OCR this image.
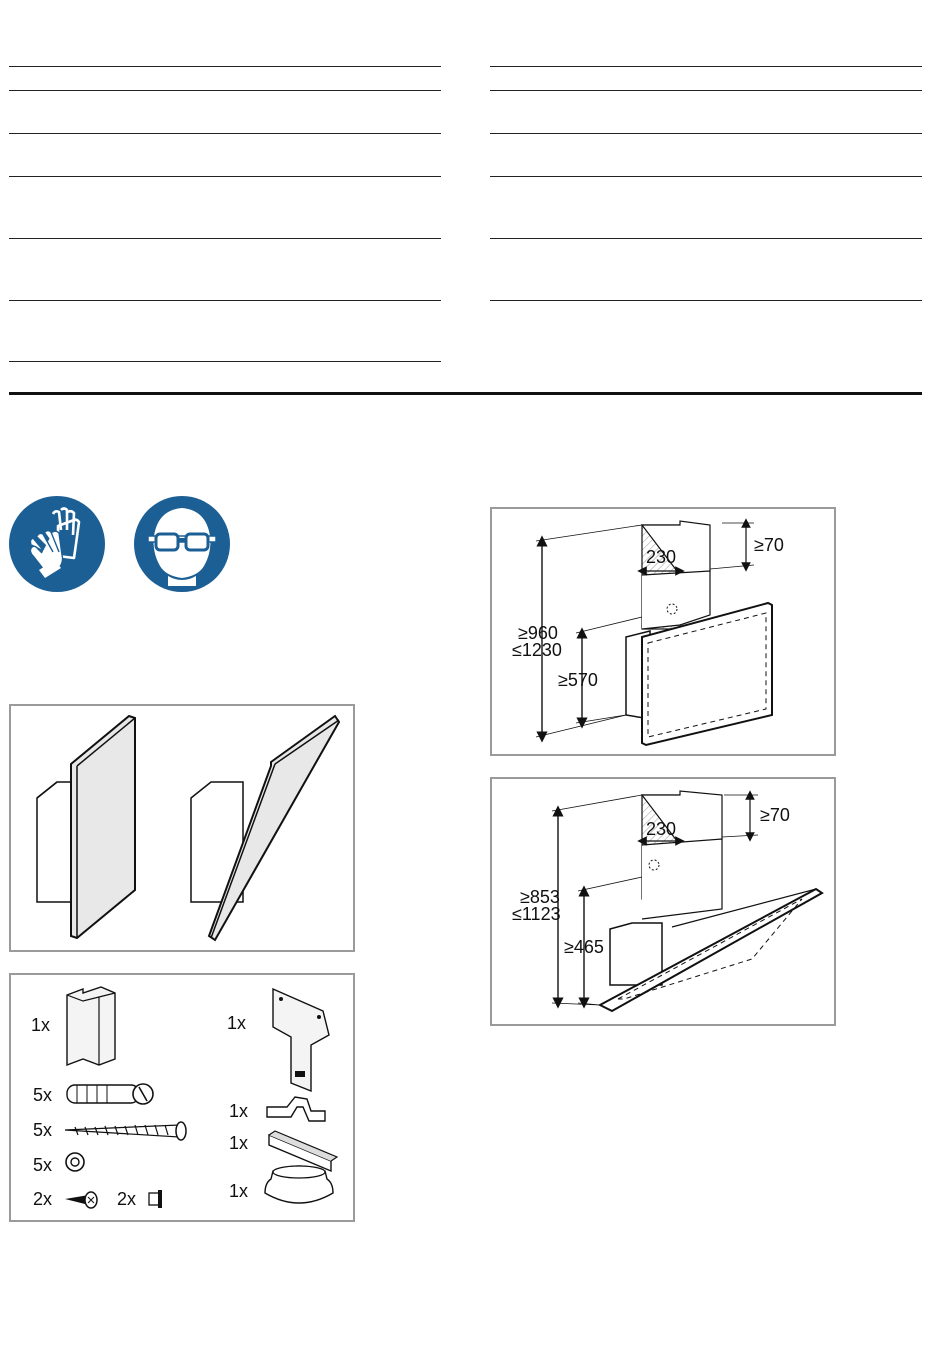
1x
5x
5x
5x
2x	2x
1x
1x
1x
1x
≥70
230
≥960
≤1230
≥570
≥70
230
≥853
≤1123
≥465
